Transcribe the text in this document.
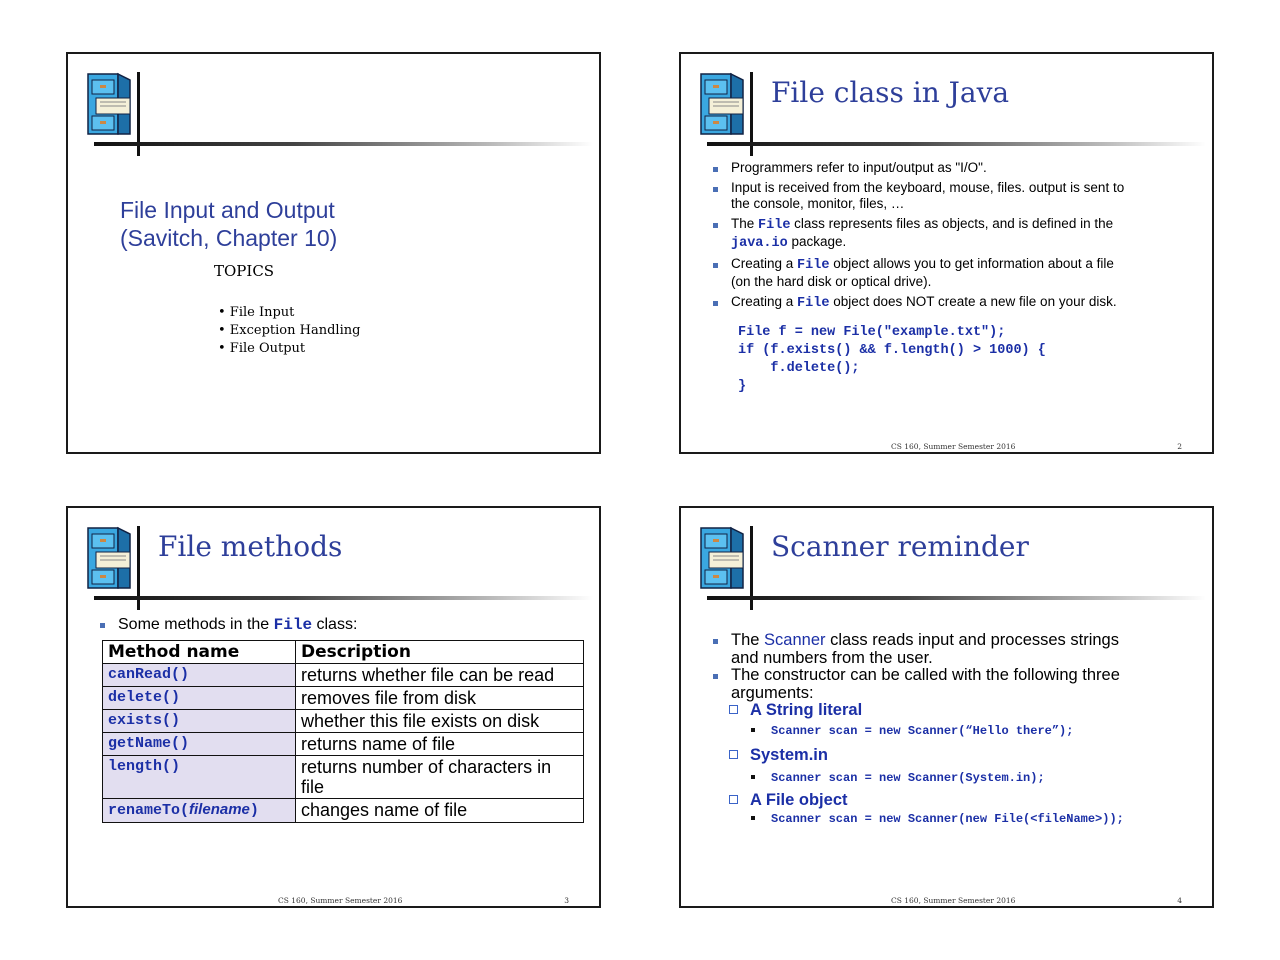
File Input and Output
(Savitch, Chapter 10)
TOPICS
• File Input
• Exception Handling
• File Output
File class in Java
Programmers refer to input/output as "I/O".
Input is received from the keyboard, mouse, files. output is sent to
the console, monitor, files, …
The File class represents files as objects, and is defined in the
java.io package.
Creating a File object allows you to get information about a file
(on the hard disk or optical drive).
Creating a File object does NOT create a new file on your disk.

File f = new File("example.txt");
if (f.exists() && f.length() > 1000) {
f.delete();
}

CS 160, Summer Semester 2016	2
File methods
Some methods in the File class:
Method name	Description
canRead()	returns whether file can be read
delete()	removes file from disk
exists()	whether this file exists on disk
getName()	returns name of file
length()	returns number of characters in file
renameTo(filename)	changes name of file
CS 160, Summer Semester 2016	3
Scanner reminder
The Scanner class reads input and processes strings
and numbers from the user.
The constructor can be called with the following three
arguments:
A String literal
Scanner scan = new Scanner(“Hello there”);
System.in
Scanner scan = new Scanner(System.in);
A File object
Scanner scan = new Scanner(new File(<fileName>));
CS 160, Summer Semester 2016	4
